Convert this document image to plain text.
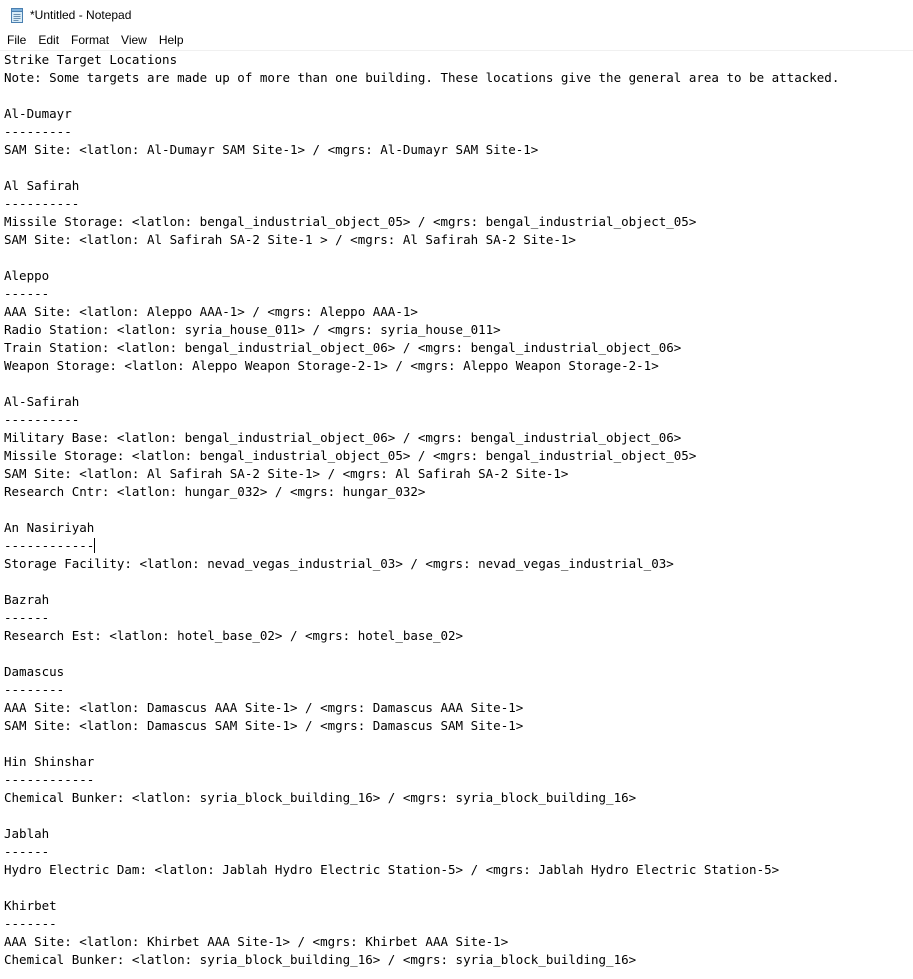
*Untitled - Notepad
File	Edit	Format	View	Help
Strike Target Locations
Note: Some targets are made up of more than one building. These locations give the general area to be attacked.
Al-Dumayr
---------
SAM Site: <latlon: Al-Dumayr SAM Site-1> / <mgrs: Al-Dumayr SAM Site-1>
Al Safirah
----------
Missile Storage: <latlon: bengal_industrial_object_05> / <mgrs: bengal_industrial_object_05>
SAM Site: <latlon: Al Safirah SA-2 Site-1 > / <mgrs: Al Safirah SA-2 Site-1>
Aleppo
------
AAA Site: <latlon: Aleppo AAA-1> / <mgrs: Aleppo AAA-1>
Radio Station: <latlon: syria_house_011> / <mgrs: syria_house_011>
Train Station: <latlon: bengal_industrial_object_06> / <mgrs: bengal_industrial_object_06>
Weapon Storage: <latlon: Aleppo Weapon Storage-2-1> / <mgrs: Aleppo Weapon Storage-2-1>
Al-Safirah
----------
Military Base: <latlon: bengal_industrial_object_06> / <mgrs: bengal_industrial_object_06>
Missile Storage: <latlon: bengal_industrial_object_05> / <mgrs: bengal_industrial_object_05>
SAM Site: <latlon: Al Safirah SA-2 Site-1> / <mgrs: Al Safirah SA-2 Site-1>
Research Cntr: <latlon: hungar_032> / <mgrs: hungar_032>
An Nasiriyah
------------
Storage Facility: <latlon: nevad_vegas_industrial_03> / <mgrs: nevad_vegas_industrial_03>
Bazrah
------
Research Est: <latlon: hotel_base_02> / <mgrs: hotel_base_02>
Damascus
--------
AAA Site: <latlon: Damascus AAA Site-1> / <mgrs: Damascus AAA Site-1>
SAM Site: <latlon: Damascus SAM Site-1> / <mgrs: Damascus SAM Site-1>
Hin Shinshar
------------
Chemical Bunker: <latlon: syria_block_building_16> / <mgrs: syria_block_building_16>
Jablah
------
Hydro Electric Dam: <latlon: Jablah Hydro Electric Station-5> / <mgrs: Jablah Hydro Electric Station-5>
Khirbet
-------
AAA Site: <latlon: Khirbet AAA Site-1> / <mgrs: Khirbet AAA Site-1>
Chemical Bunker: <latlon: syria_block_building_16> / <mgrs: syria_block_building_16>
